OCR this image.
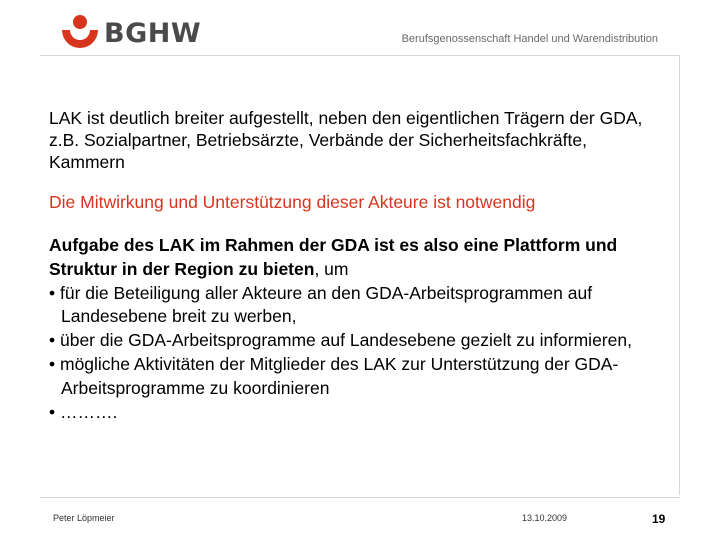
BGHW	Berufsgenossenschaft Handel und Warendistribution
LAK ist deutlich breiter aufgestellt, neben den eigentlichen Trägern der GDA, z.B. Sozialpartner, Betriebsärzte, Verbände der Sicherheitsfachkräfte, Kammern
Die Mitwirkung und Unterstützung dieser Akteure ist notwendig
Aufgabe des LAK im Rahmen der GDA ist es also eine Plattform und Struktur in der Region zu bieten, um
• für die Beteiligung aller Akteure an den GDA-Arbeitsprogrammen auf Landesebene breit zu werben,
• über die GDA-Arbeitsprogramme auf Landesebene gezielt zu informieren,
• mögliche Aktivitäten der Mitglieder des LAK zur Unterstützung der GDA-Arbeitsprogramme zu koordinieren
• ……….
Peter Löpmeier	13.10.2009	19
